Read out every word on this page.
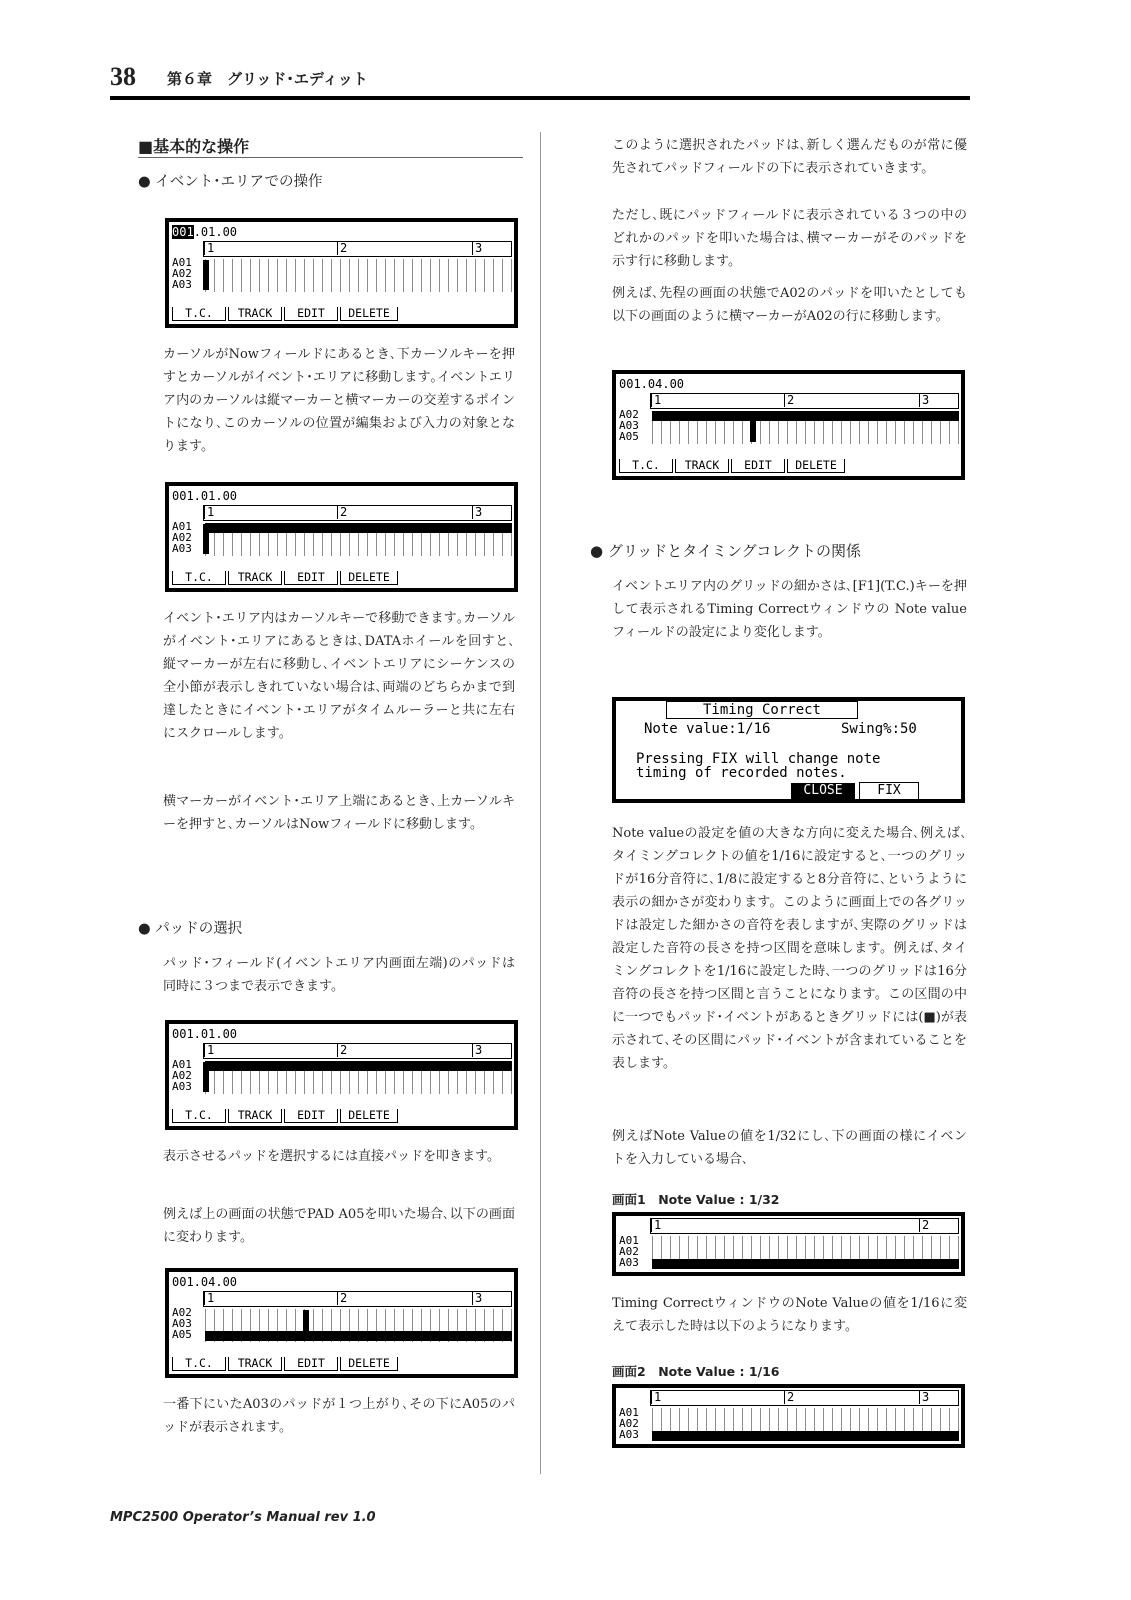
38 第６章　グリッド･エディット
■基本的な操作
● イベント･エリアでの操作
001.01.00
1	2	3
A01
A02
A03
T.C.	TRACK	EDIT	DELETE
カーソルがNowフィールドにあるとき､下カーソルキーを押すとカーソルがイベント･エリアに移動します｡イベントエリア内のカーソルは縦マーカーと横マーカーの交差するポイントになり､このカーソルの位置が編集および入力の対象となります。
001.01.00
1	2	3
A01
A02
A03
T.C.	TRACK	EDIT	DELETE
イベント･エリア内はカーソルキーで移動できます｡カーソルがイベント･エリアにあるときは､DATAホイールを回すと､縦マーカーが左右に移動し､イベントエリアにシーケンスの全小節が表示しきれていない場合は､両端のどちらかまで到達したときにイベント･エリアがタイムルーラーと共に左右にスクロールします。
横マーカーがイベント･エリア上端にあるとき､上カーソルキーを押すと､カーソルはNowフィールドに移動します。
● パッドの選択
パッド･フィールド(イベントエリア内画面左端)のパッドは同時に３つまで表示できます。
001.01.00
1	2	3
A01
A02
A03
T.C.	TRACK	EDIT	DELETE
表示させるパッドを選択するには直接パッドを叩きます。
例えば上の画面の状態でPAD A05を叩いた場合､以下の画面に変わります。
001.04.00
1	2	3
A02
A03
A05
T.C.	TRACK	EDIT	DELETE
一番下にいたA03のパッドが１つ上がり､その下にA05のパッドが表示されます。
このように選択されたパッドは､新しく選んだものが常に優先されてパッドフィールドの下に表示されていきます。
ただし､既にパッドフィールドに表示されている３つの中のどれかのパッドを叩いた場合は､横マーカーがそのパッドを示す行に移動します。
例えば､先程の画面の状態でA02のパッドを叩いたとしても以下の画面のように横マーカーがA02の行に移動します。
001.04.00
1	2	3
A02
A03
A05
T.C.	TRACK	EDIT	DELETE
● グリッドとタイミングコレクトの関係
イベントエリア内のグリッドの細かさは､[F1](T.C.)キーを押して表示されるTiming Correctウィンドウの Note valueフィールドの設定により変化します。
Timing Correct
Note value:1/16	Swing%:50
Pressing FIX will change note
timing of recorded notes.
CLOSE	FIX
Note valueの設定を値の大きな方向に変えた場合､例えば､タイミングコレクトの値を1/16に設定すると､一つのグリッドが16分音符に､1/8に設定すると8分音符に､というように表示の細かさが変わります。このように画面上での各グリッドは設定した細かさの音符を表しますが､実際のグリッドは設定した音符の長さを持つ区間を意味します。例えば､タイミングコレクトを1/16に設定した時､一つのグリッドは16分音符の長さを持つ区間と言うことになります。この区間の中に一つでもパッド･イベントがあるときグリッドには(■)が表示されて､その区間にパッド･イベントが含まれていることを表します。
例えばNote Valueの値を1/32にし､下の画面の様にイベントを入力している場合､
画面1　Note Value : 1/32
1	2
A01
A02
A03
Timing CorrectウィンドウのNote Valueの値を1/16に変えて表示した時は以下のようになります。
画面2　Note Value : 1/16
1	2	3
A01
A02
A03
MPC2500 Operator’s Manual rev 1.0
